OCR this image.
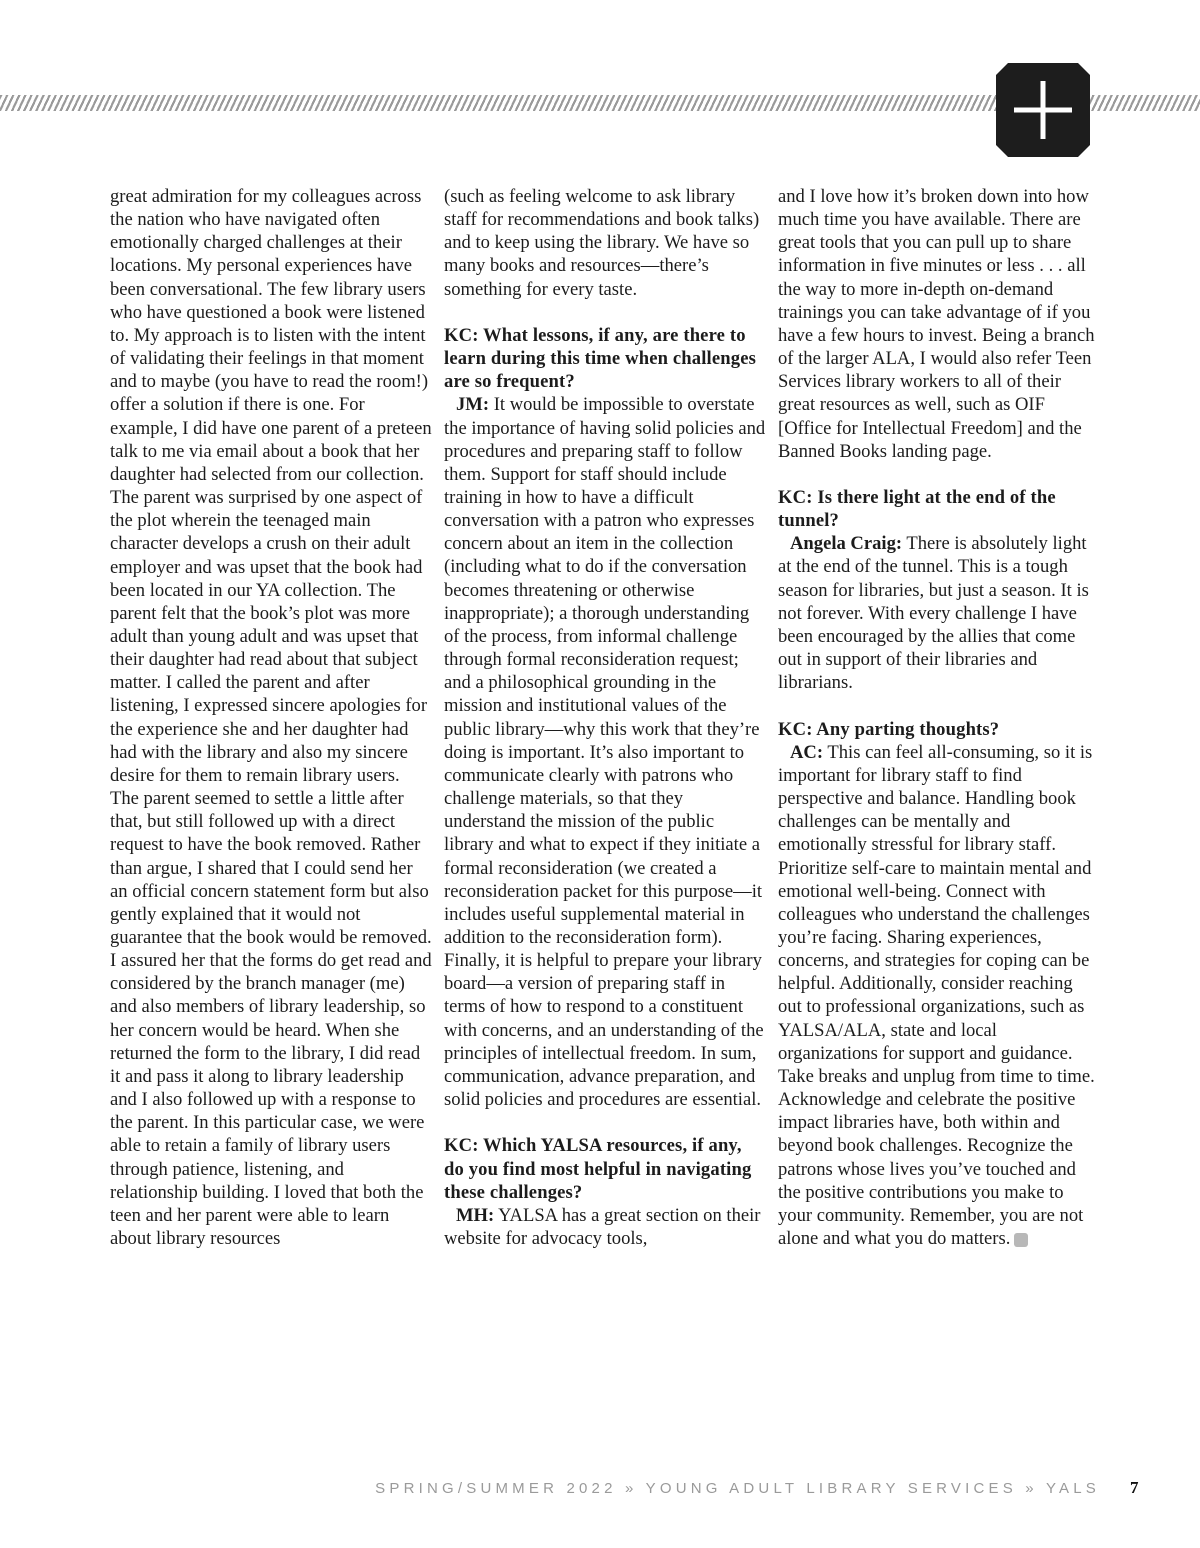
great admiration for my colleagues across the nation who have navigated often emotionally charged challenges at their locations. My personal experiences have been conversational. The few library users who have questioned a book were listened to. My approach is to listen with the intent of validating their feelings in that moment and to maybe (you have to read the room!) offer a solution if there is one. For example, I did have one parent of a preteen talk to me via email about a book that her daughter had selected from our collection. The parent was surprised by one aspect of the plot wherein the teenaged main character develops a crush on their adult employer and was upset that the book had been located in our YA collection. The parent felt that the book’s plot was more adult than young adult and was upset that their daughter had read about that subject matter. I called the parent and after listening, I expressed sincere apologies for the experience she and her daughter had had with the library and also my sincere desire for them to remain library users. The parent seemed to settle a little after that, but still followed up with a direct request to have the book removed. Rather than argue, I shared that I could send her an official concern statement form but also gently explained that it would not guarantee that the book would be removed. I assured her that the forms do get read and considered by the branch manager (me) and also members of library leadership, so her concern would be heard. When she returned the form to the library, I did read it and pass it along to library leadership and I also followed up with a response to the parent. In this particular case, we were able to retain a family of library users through patience, listening, and relationship building. I loved that both the teen and her parent were able to learn about library resources

(such as feeling welcome to ask library staff for recommendations and book talks) and to keep using the library. We have so many books and resources—there’s something for every taste.

KC: What lessons, if any, are there to learn during this time when challenges are so frequent?

JM: It would be impossible to overstate the importance of having solid policies and procedures and preparing staff to follow them. Support for staff should include training in how to have a difficult conversation with a patron who expresses concern about an item in the collection (including what to do if the conversation becomes threatening or otherwise inappropriate); a thorough understanding of the process, from informal challenge through formal reconsideration request; and a philosophical grounding in the mission and institutional values of the public library—why this work that they’re doing is important. It’s also important to communicate clearly with patrons who challenge materials, so that they understand the mission of the public library and what to expect if they initiate a formal reconsideration (we created a reconsideration packet for this purpose—it includes useful supplemental material in addition to the reconsideration form). Finally, it is helpful to prepare your library board—a version of preparing staff in terms of how to respond to a constituent with concerns, and an understanding of the principles of intellectual freedom. In sum, communication, advance preparation, and solid policies and procedures are essential.

KC: Which YALSA resources, if any, do you find most helpful in navigating these challenges?

MH: YALSA has a great section on their website for advocacy tools,

and I love how it’s broken down into how much time you have available. There are great tools that you can pull up to share information in five minutes or less . . . all the way to more in-depth on-demand trainings you can take advantage of if you have a few hours to invest. Being a branch of the larger ALA, I would also refer Teen Services library workers to all of their great resources as well, such as OIF [Office for Intellectual Freedom] and the Banned Books landing page.

KC: Is there light at the end of the tunnel?

Angela Craig: There is absolutely light at the end of the tunnel. This is a tough season for libraries, but just a season. It is not forever. With every challenge I have been encouraged by the allies that come out in support of their libraries and librarians.

KC: Any parting thoughts?

AC: This can feel all-consuming, so it is important for library staff to find perspective and balance. Handling book challenges can be mentally and emotionally stressful for library staff. Prioritize self-care to maintain mental and emotional well-being. Connect with colleagues who understand the challenges you’re facing. Sharing experiences, concerns, and strategies for coping can be helpful. Additionally, consider reaching out to professional organizations, such as YALSA/ALA, state and local organizations for support and guidance. Take breaks and unplug from time to time. Acknowledge and celebrate the positive impact libraries have, both within and beyond book challenges. Recognize the patrons whose lives you’ve touched and the positive contributions you make to your community. Remember, you are not alone and what you do matters.

SPRING/SUMMER 2022 » YOUNG ADULT LIBRARY SERVICES » YALS 7
